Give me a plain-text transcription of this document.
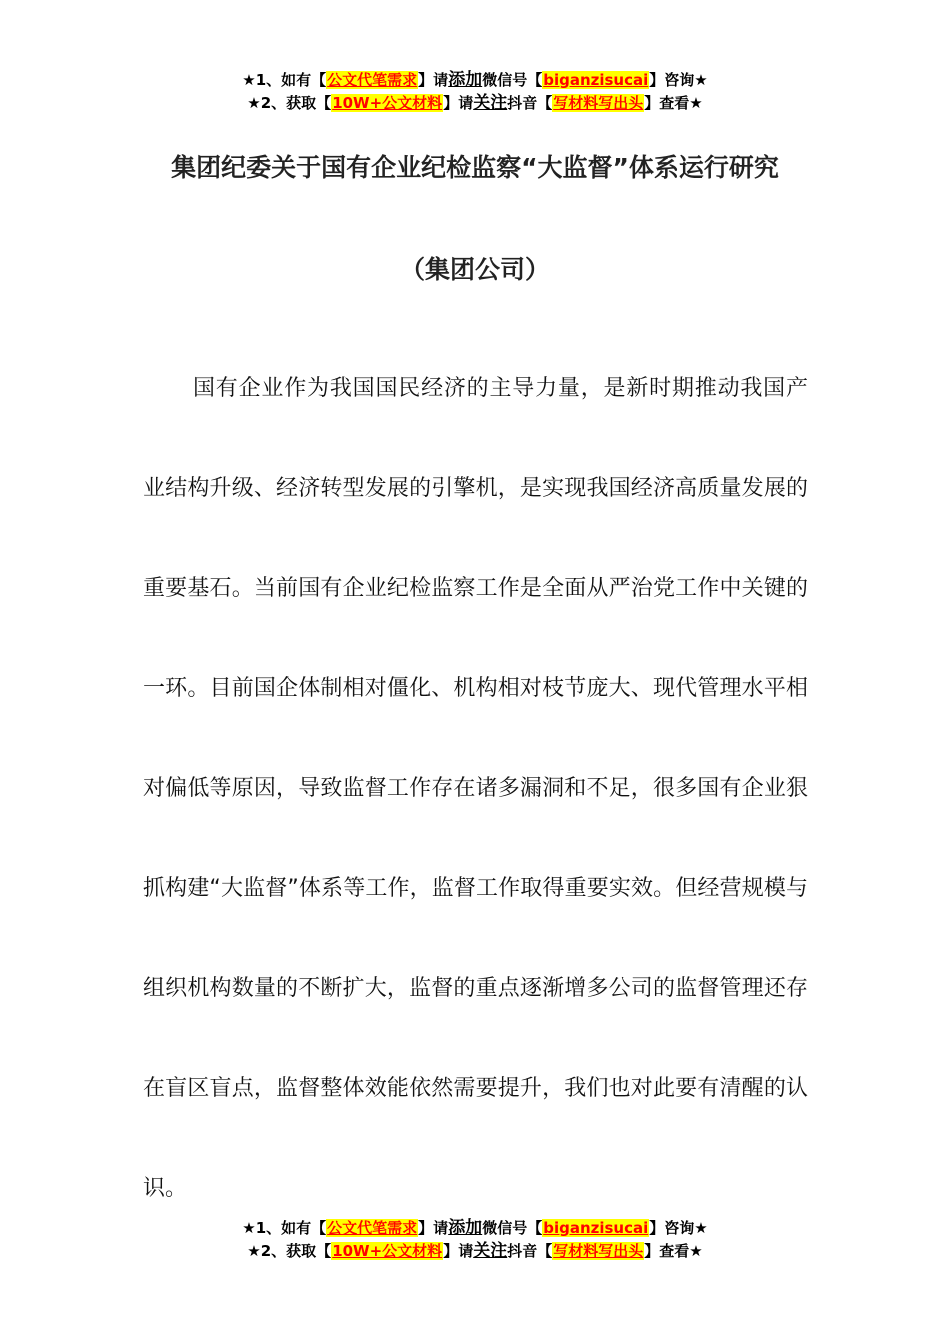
★1、如有【公文代笔需求】请添加微信号【biganzisucai】咨询★
★2、获取【10W+公文材料】请关注抖音【写材料写出头】查看★
集团纪委关于国有企业纪检监察“大监督”体系运行研究
（集团公司）

国有企业作为我国国民经济的主导力量，是新时期推动我国产业结构升级、经济转型发展的引擎机，是实现我国经济高质量发展的重要基石。当前国有企业纪检监察工作是全面从严治党工作中关键的一环。目前国企体制相对僵化、机构相对枝节庞大、现代管理水平相对偏低等原因，导致监督工作存在诸多漏洞和不足，很多国有企业狠抓构建“大监督”体系等工作，监督工作取得重要实效。但经营规模与组织机构数量的不断扩大，监督的重点逐渐增多公司的监督管理还存在盲区盲点，监督整体效能依然需要提升，我们也对此要有清醒的认识。

★1、如有【公文代笔需求】请添加微信号【biganzisucai】咨询★
★2、获取【10W+公文材料】请关注抖音【写材料写出头】查看★
